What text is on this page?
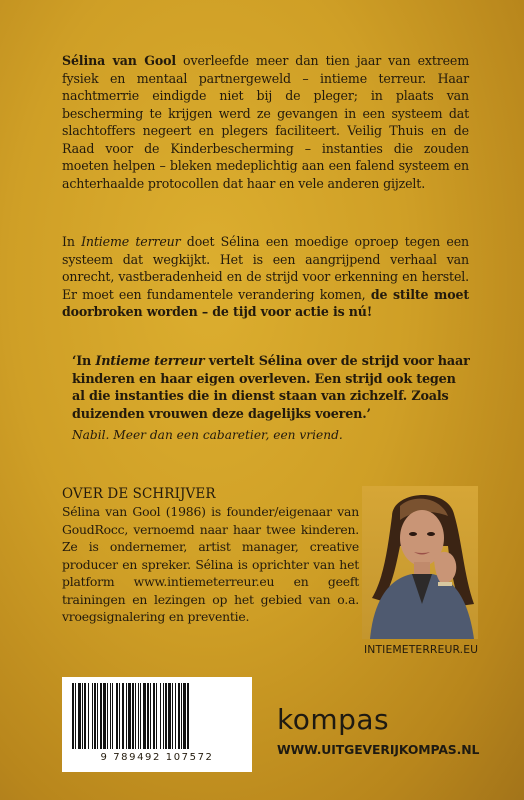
Sélina van Gool overleefde meer dan tien jaar van extreem fysiek en mentaal partnergeweld – intieme terreur. Haar nachtmerrie eindigde niet bij de pleger; in plaats van bescherming te krijgen werd ze gevangen in een systeem dat slachtoffers negeert en plegers faciliteert. Veilig Thuis en de Raad voor de Kinderbescherming – instanties die zouden moeten helpen – bleken medeplichtig aan een falend systeem en achterhaalde protocollen dat haar en vele anderen gijzelt.
In Intieme terreur doet Sélina een moedige oproep tegen een systeem dat wegkijkt. Het is een aangrijpend verhaal van onrecht, vastberadenheid en de strijd voor erkenning en herstel. Er moet een fundamentele verandering komen, de stilte moet doorbroken worden – de tijd voor actie is nú!
‘In Intieme terreur vertelt Sélina over de strijd voor haar kinderen en haar eigen overleven. Een strijd ook tegen al die instanties die in dienst staan van zichzelf. Zoals duizenden vrouwen deze dagelijks voeren.’
Nabil. Meer dan een cabaretier, een vriend.
OVER DE SCHRIJVER
Sélina van Gool (1986) is founder/eigenaar van GoudRocc, vernoemd naar haar twee kinderen. Ze is ondernemer, artist manager, creative producer en spreker. Sélina is oprichter van het platform www.intiemeterreur.eu en geeft trainingen en lezingen op het gebied van o.a. vroegsignalering en preventie.
INTIEMETERREUR.EU
9 789492 107572
kompas
WWW.UITGEVERIJKOMPAS.NL
